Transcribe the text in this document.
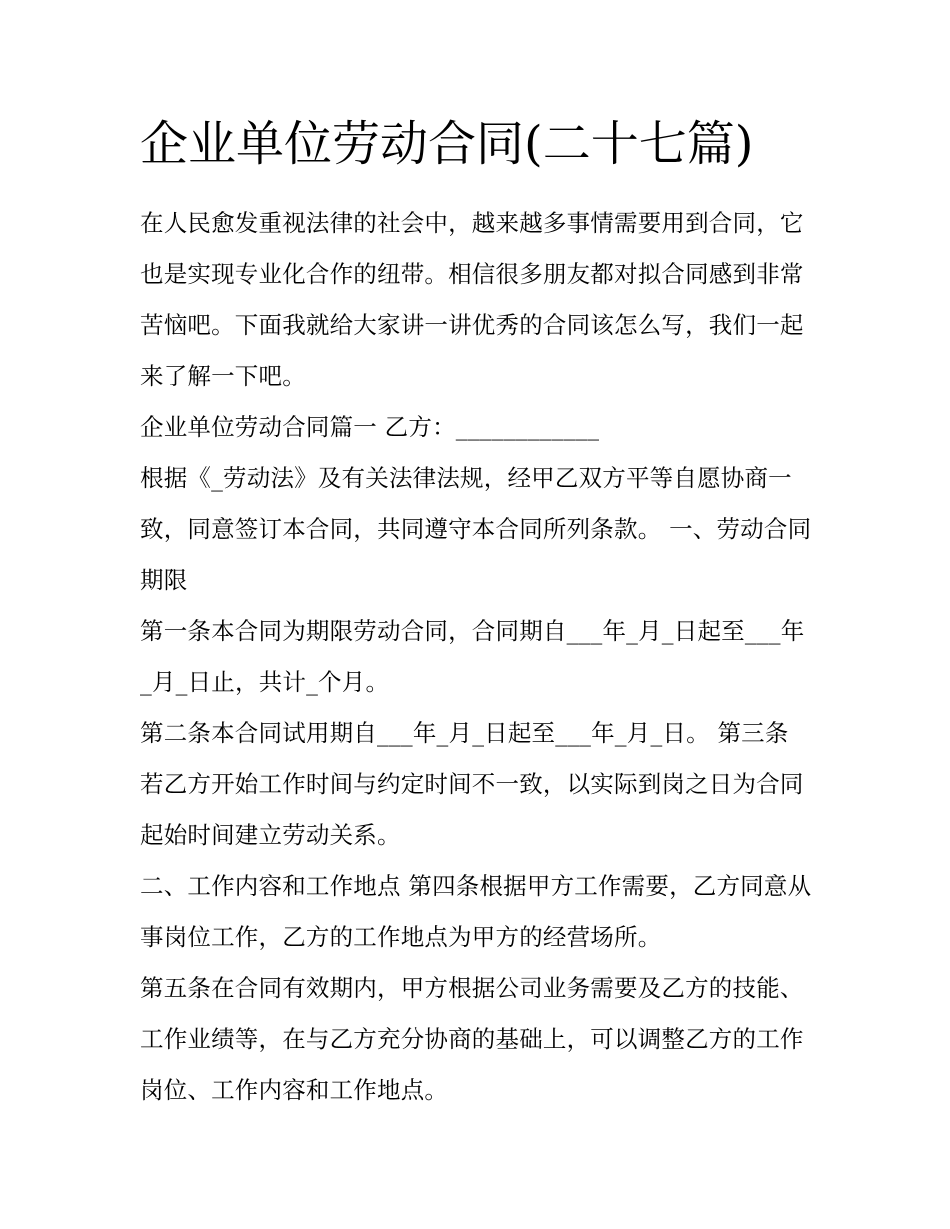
企业单位劳动合同(二十七篇)

在人民愈发重视法律的社会中，越来越多事情需要用到合同，它也是实现专业化合作的纽带。相信很多朋友都对拟合同感到非常苦恼吧。下面我就给大家讲一讲优秀的合同该怎么写，我们一起来了解一下吧。

企业单位劳动合同篇一 乙方：____________

根据《_劳动法》及有关法律法规，经甲乙双方平等自愿协商一致，同意签订本合同，共同遵守本合同所列条款。 一、劳动合同期限

第一条本合同为期限劳动合同，合同期自___年_月_日起至___年_月_日止，共计_个月。

第二条本合同试用期自___年_月_日起至___年_月_日。 第三条若乙方开始工作时间与约定时间不一致，以实际到岗之日为合同起始时间建立劳动关系。

二、工作内容和工作地点 第四条根据甲方工作需要，乙方同意从事岗位工作，乙方的工作地点为甲方的经营场所。

第五条在合同有效期内，甲方根据公司业务需要及乙方的技能、工作业绩等，在与乙方充分协商的基础上，可以调整乙方的工作岗位、工作内容和工作地点。
